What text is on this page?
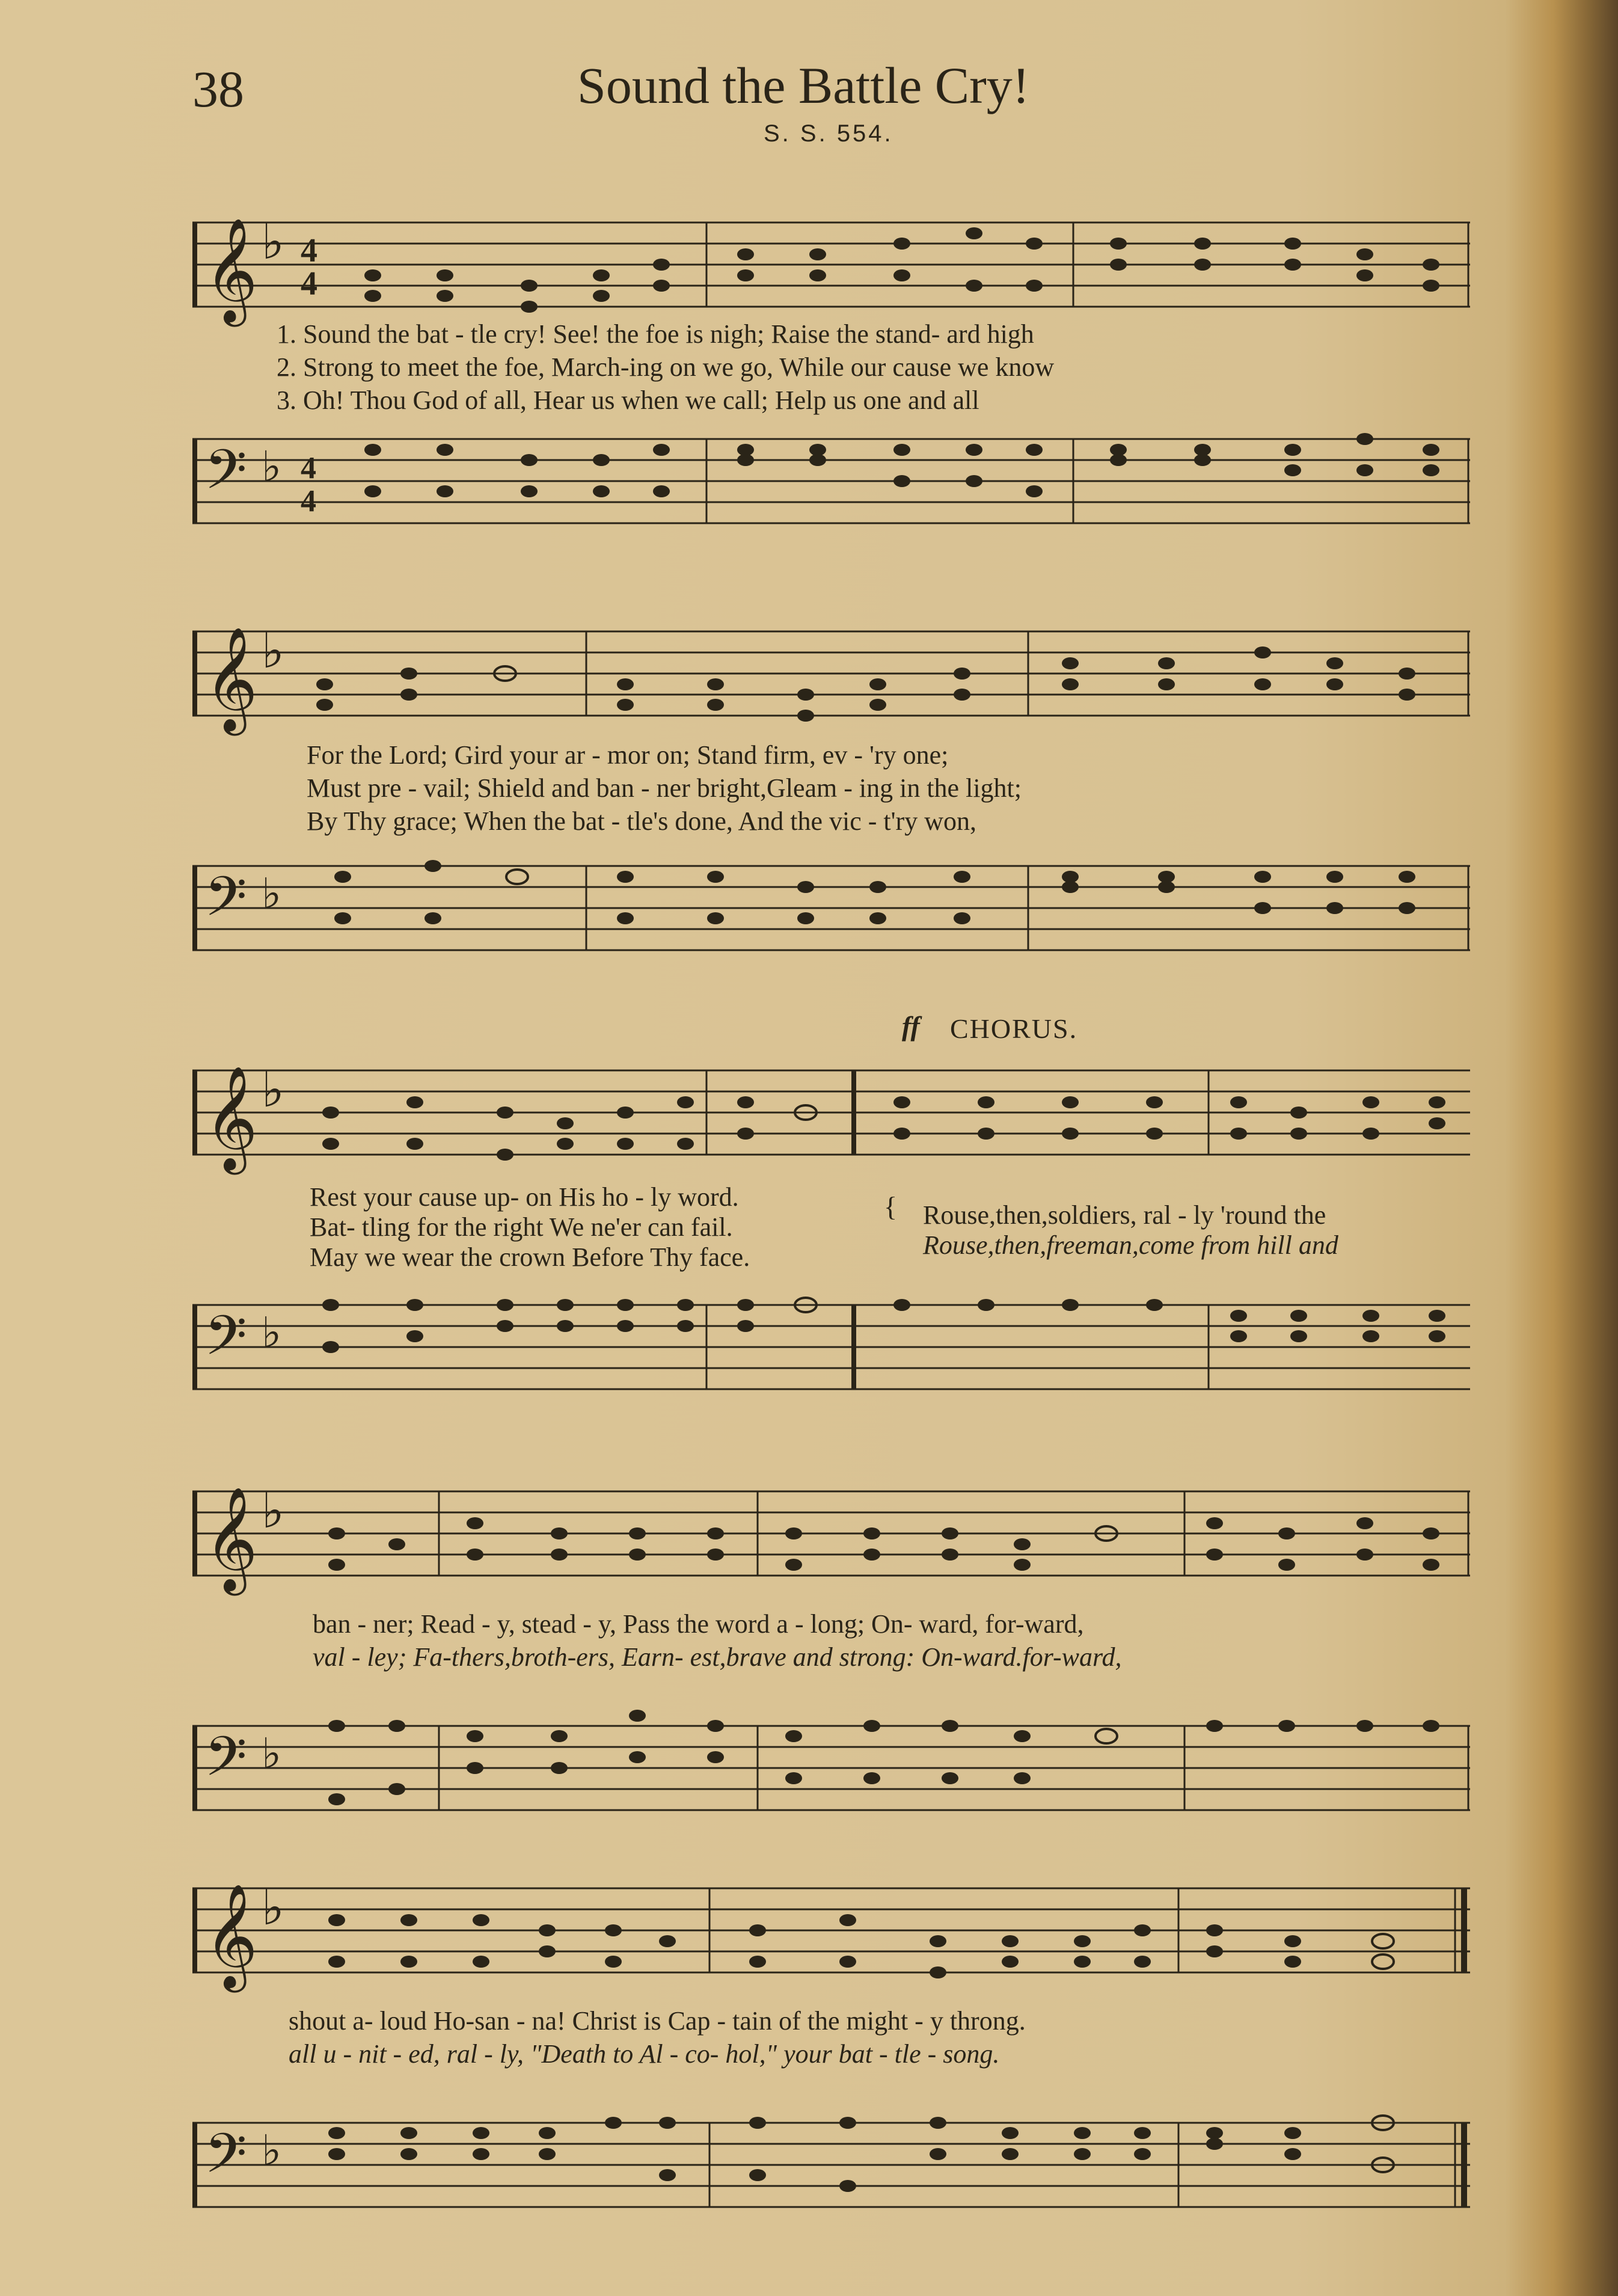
38	Sound the Battle Cry!
S. S. 554.
𝄞 ♭ 4
4
1. Sound the bat - tle cry! See! the foe is nigh; Raise the stand- ard high
2. Strong to meet the foe, March-ing on we go, While our cause we know
3. Oh! Thou God of all, Hear us when we call; Help us one and all
𝄢 ♭ 4
4
𝄞 ♭
For the Lord; Gird your ar - mor on; Stand firm, ev - 'ry one;
Must pre - vail; Shield and ban - ner bright,Gleam - ing in the light;
By Thy grace; When the bat - tle's done, And the vic - t'ry won,
𝄢 ♭
ff CHORUS.
𝄞 ♭
Rest your cause up- on His ho - ly word.
Bat- tling for the right We ne'er can fail.
May we wear the crown Before Thy face.
{ Rouse,then,soldiers, ral - ly 'round the
Rouse,then,freeman,come from hill and
𝄢 ♭
𝄞 ♭
ban - ner; Read - y, stead - y, Pass the word a - long; On- ward, for-ward,
val - ley; Fa-thers,broth-ers, Earn- est,brave and strong: On-ward.for-ward,
𝄢 ♭
𝄞 ♭
shout a- loud Ho-san - na! Christ is Cap - tain of the might - y throng.
all u - nit - ed, ral - ly, "Death to Al - co- hol," your bat - tle - song.
𝄢 ♭
